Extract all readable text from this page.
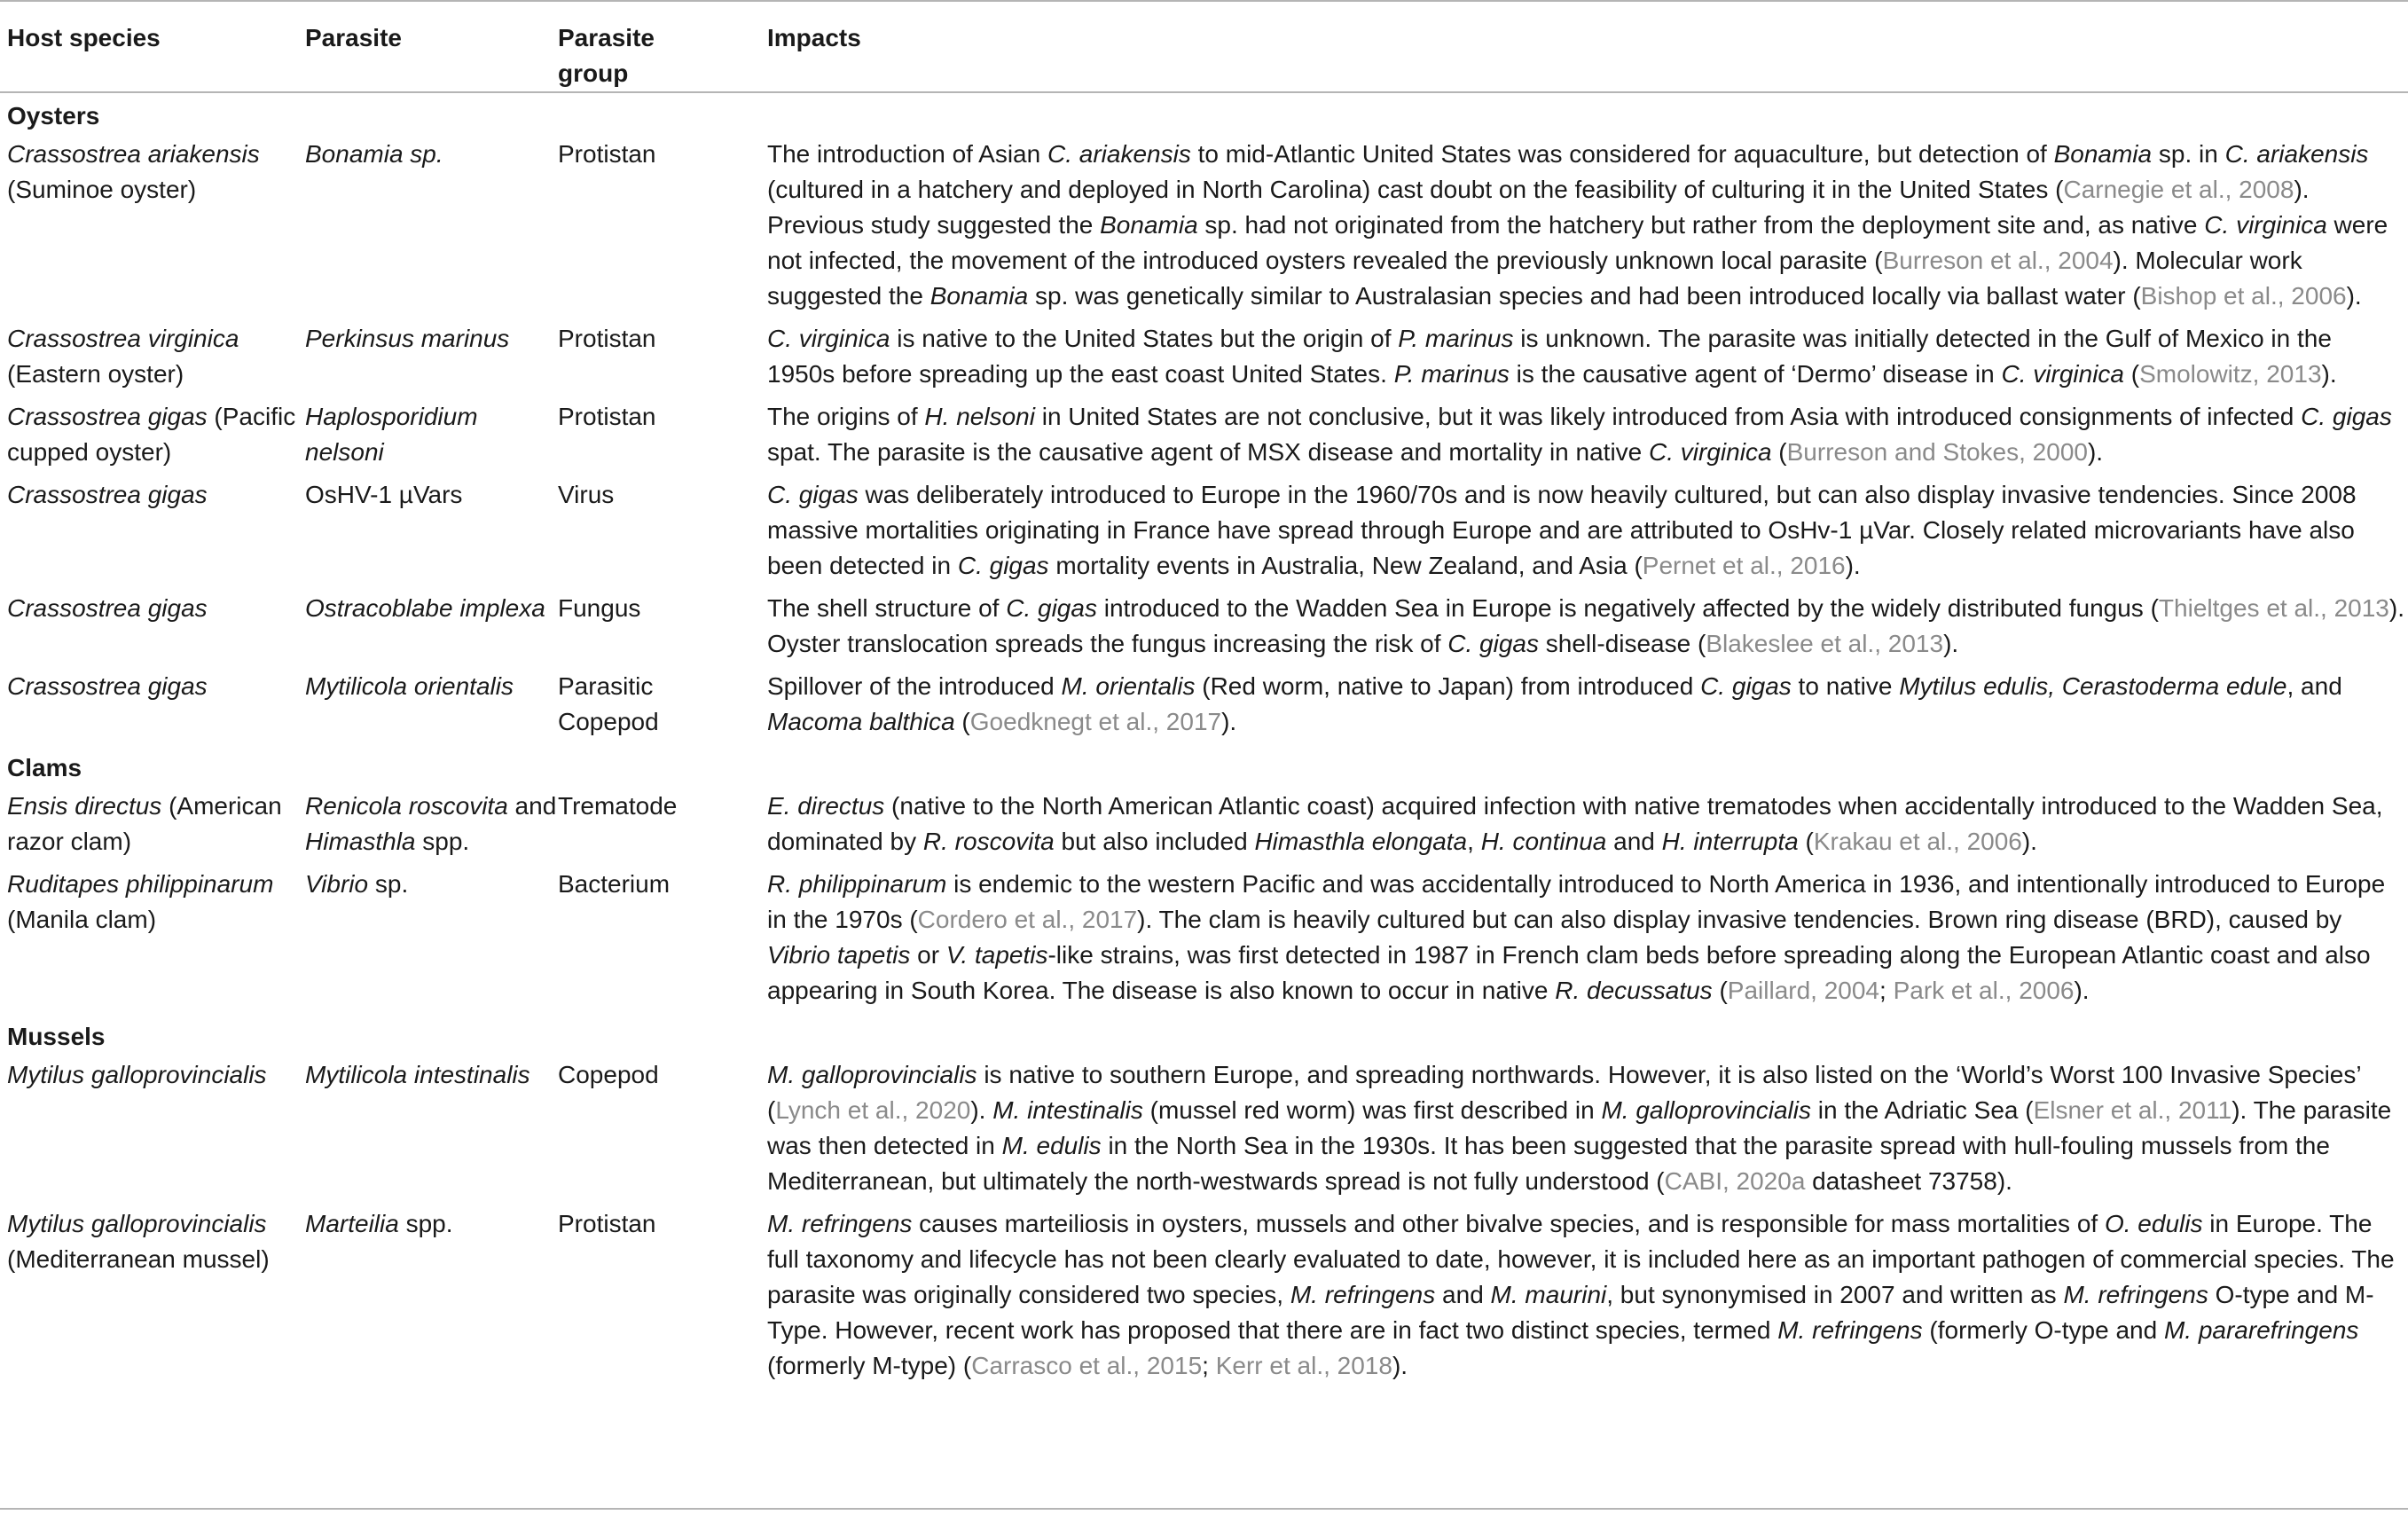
Host species	Parasite	Parasite group	Impacts
Oysters			
Crassostrea ariakensis (Suminoe oyster)	Bonamia sp.	Protistan	The introduction of Asian C. ariakensis to mid-Atlantic United States was considered for aquaculture, but detection of Bonamia sp. in C. ariakensis (cultured in a hatchery and deployed in North Carolina) cast doubt on the feasibility of culturing it in the United States (Carnegie et al., 2008). Previous study suggested the Bonamia sp. had not originated from the hatchery but rather from the deployment site and, as native C. virginica were not infected, the movement of the introduced oysters revealed the previously unknown local parasite (Burreson et al., 2004). Molecular work suggested the Bonamia sp. was genetically similar to Australasian species and had been introduced locally via ballast water (Bishop et al., 2006).
Crassostrea virginica (Eastern oyster)	Perkinsus marinus	Protistan	C. virginica is native to the United States but the origin of P. marinus is unknown. The parasite was initially detected in the Gulf of Mexico in the 1950s before spreading up the east coast United States. P. marinus is the causative agent of ‘Dermo’ disease in C. virginica (Smolowitz, 2013).
Crassostrea gigas (Pacific cupped oyster)	Haplosporidium nelsoni	Protistan	The origins of H. nelsoni in United States are not conclusive, but it was likely introduced from Asia with introduced consignments of infected C. gigas spat. The parasite is the causative agent of MSX disease and mortality in native C. virginica (Burreson and Stokes, 2000).
Crassostrea gigas	OsHV-1 µVars	Virus	C. gigas was deliberately introduced to Europe in the 1960/70s and is now heavily cultured, but can also display invasive tendencies. Since 2008 massive mortalities originating in France have spread through Europe and are attributed to OsHv-1 µVar. Closely related microvariants have also been detected in C. gigas mortality events in Australia, New Zealand, and Asia (Pernet et al., 2016).
Crassostrea gigas	Ostracoblabe implexa	Fungus	The shell structure of C. gigas introduced to the Wadden Sea in Europe is negatively affected by the widely distributed fungus (Thieltges et al., 2013). Oyster translocation spreads the fungus increasing the risk of C. gigas shell-disease (Blakeslee et al., 2013).
Crassostrea gigas	Mytilicola orientalis	Parasitic Copepod	Spillover of the introduced M. orientalis (Red worm, native to Japan) from introduced C. gigas to native Mytilus edulis, Cerastoderma edule, and Macoma balthica (Goedknegt et al., 2017).
Clams			
Ensis directus (American razor clam)	Renicola roscovita and Himasthla spp.	Trematode	E. directus (native to the North American Atlantic coast) acquired infection with native trematodes when accidentally introduced to the Wadden Sea, dominated by R. roscovita but also included Himasthla elongata, H. continua and H. interrupta (Krakau et al., 2006).
Ruditapes philippinarum (Manila clam)	Vibrio sp.	Bacterium	R. philippinarum is endemic to the western Pacific and was accidentally introduced to North America in 1936, and intentionally introduced to Europe in the 1970s (Cordero et al., 2017). The clam is heavily cultured but can also display invasive tendencies. Brown ring disease (BRD), caused by Vibrio tapetis or V. tapetis-like strains, was first detected in 1987 in French clam beds before spreading along the European Atlantic coast and also appearing in South Korea. The disease is also known to occur in native R. decussatus (Paillard, 2004; Park et al., 2006).
Mussels			
Mytilus galloprovincialis	Mytilicola intestinalis	Copepod	M. galloprovincialis is native to southern Europe, and spreading northwards. However, it is also listed on the ‘World’s Worst 100 Invasive Species’ (Lynch et al., 2020). M. intestinalis (mussel red worm) was first described in M. galloprovincialis in the Adriatic Sea (Elsner et al., 2011). The parasite was then detected in M. edulis in the North Sea in the 1930s. It has been suggested that the parasite spread with hull-fouling mussels from the Mediterranean, but ultimately the north-westwards spread is not fully understood (CABI, 2020a datasheet 73758).
Mytilus galloprovincialis (Mediterranean mussel)	Marteilia spp.	Protistan	M. refringens causes marteiliosis in oysters, mussels and other bivalve species, and is responsible for mass mortalities of O. edulis in Europe. The full taxonomy and lifecycle has not been clearly evaluated to date, however, it is included here as an important pathogen of commercial species. The parasite was originally considered two species, M. refringens and M. maurini, but synonymised in 2007 and written as M. refringens O-type and M-Type. However, recent work has proposed that there are in fact two distinct species, termed M. refringens (formerly O-type and M. pararefringens (formerly M-type) (Carrasco et al., 2015; Kerr et al., 2018).
